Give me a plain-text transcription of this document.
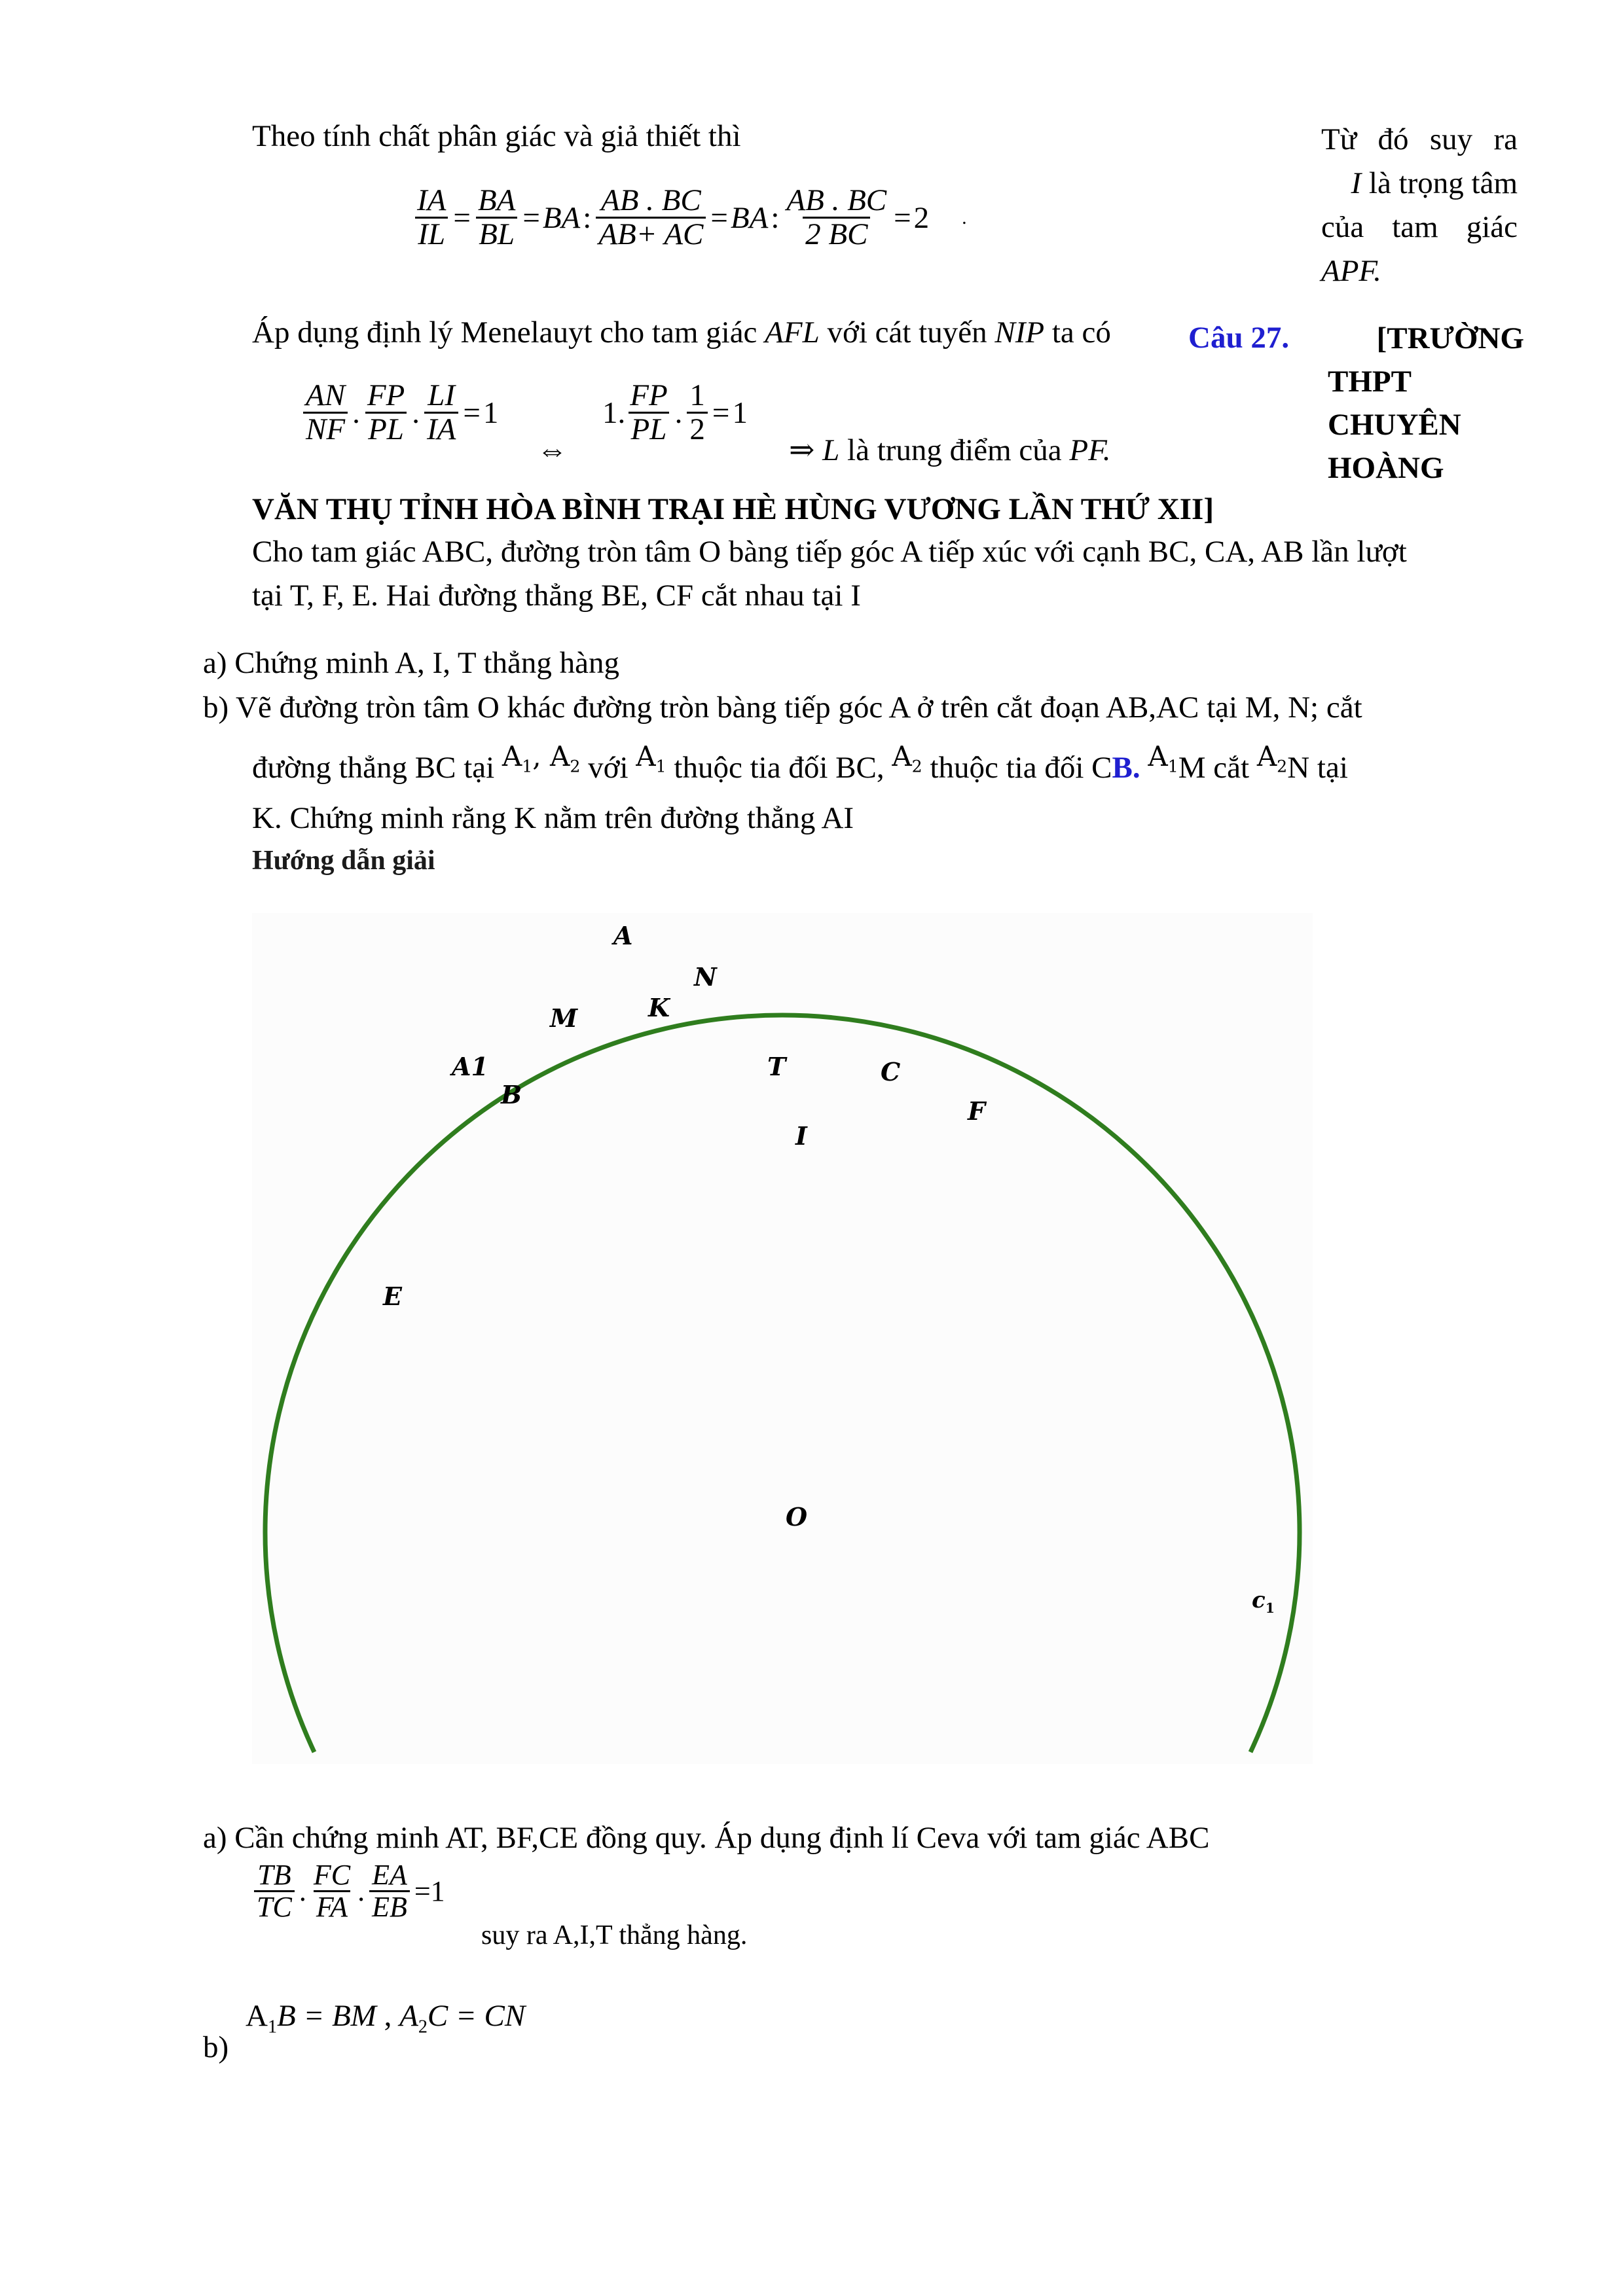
Theo tính chất phân giác và giả thiết thì	Từ đó suy ra
I là trọng tâm
của tam giác
APF.
$\frac{IA}{IL} = \frac{BA}{BL}$ = BA : $\frac{AB . BC}{AB+ AC}$ = BA : $\frac{AB . BC}{2 BC} = 2$ .
Áp dụng định lý Menelauyt cho tam giác AFL với cát tuyến NIP ta có	Câu 27.	[TRƯỜNG
THPT
CHUYÊN
HOÀNG
$\frac{AN}{NF}$ . $\frac{FP}{PL}$ . $\frac{LI}{IA} = 1$
⇔
1. $\frac{FP}{PL}$ . $\frac{1}{2} = 1$
⇒ L là trung điểm của PF.
VĂN THỤ TỈNH HÒA BÌNH TRẠI HÈ HÙNG VƯƠNG LẦN THỨ XII]
Cho tam giác ABC, đường tròn tâm O bàng tiếp góc A tiếp xúc với cạnh BC, CA, AB lần lượt
tại T, F, E. Hai đường thẳng BE, CF cắt nhau tại I
a) Chứng minh A, I, T thẳng hàng
b) Vẽ đường tròn tâm O khác đường tròn bàng tiếp góc A ở trên cắt đoạn AB,AC tại M, N; cắt
đường thẳng BC tại $A_1$, $A_2$ với $A_1$ thuộc tia đối BC, $A_2$ thuộc tia đối CB. $A_1M$ cắt $A_2N$ tại
K. Chứng minh rằng K nằm trên đường thẳng AI
Hướng dẫn giải
A
N
M	K
A1
B
T	C
F
I
E
O
$c_1$
a) Cần chứng minh AT, BF,CE đồng quy. Áp dụng định lí Ceva với tam giác ABC
$\frac{TB}{TC}$ . $\frac{FC}{FA}$ . $\frac{EA}{EB} =1$
suy ra A,I,T thẳng hàng.
b)
$A_1B$ = BM , $A_2C$ = CN
